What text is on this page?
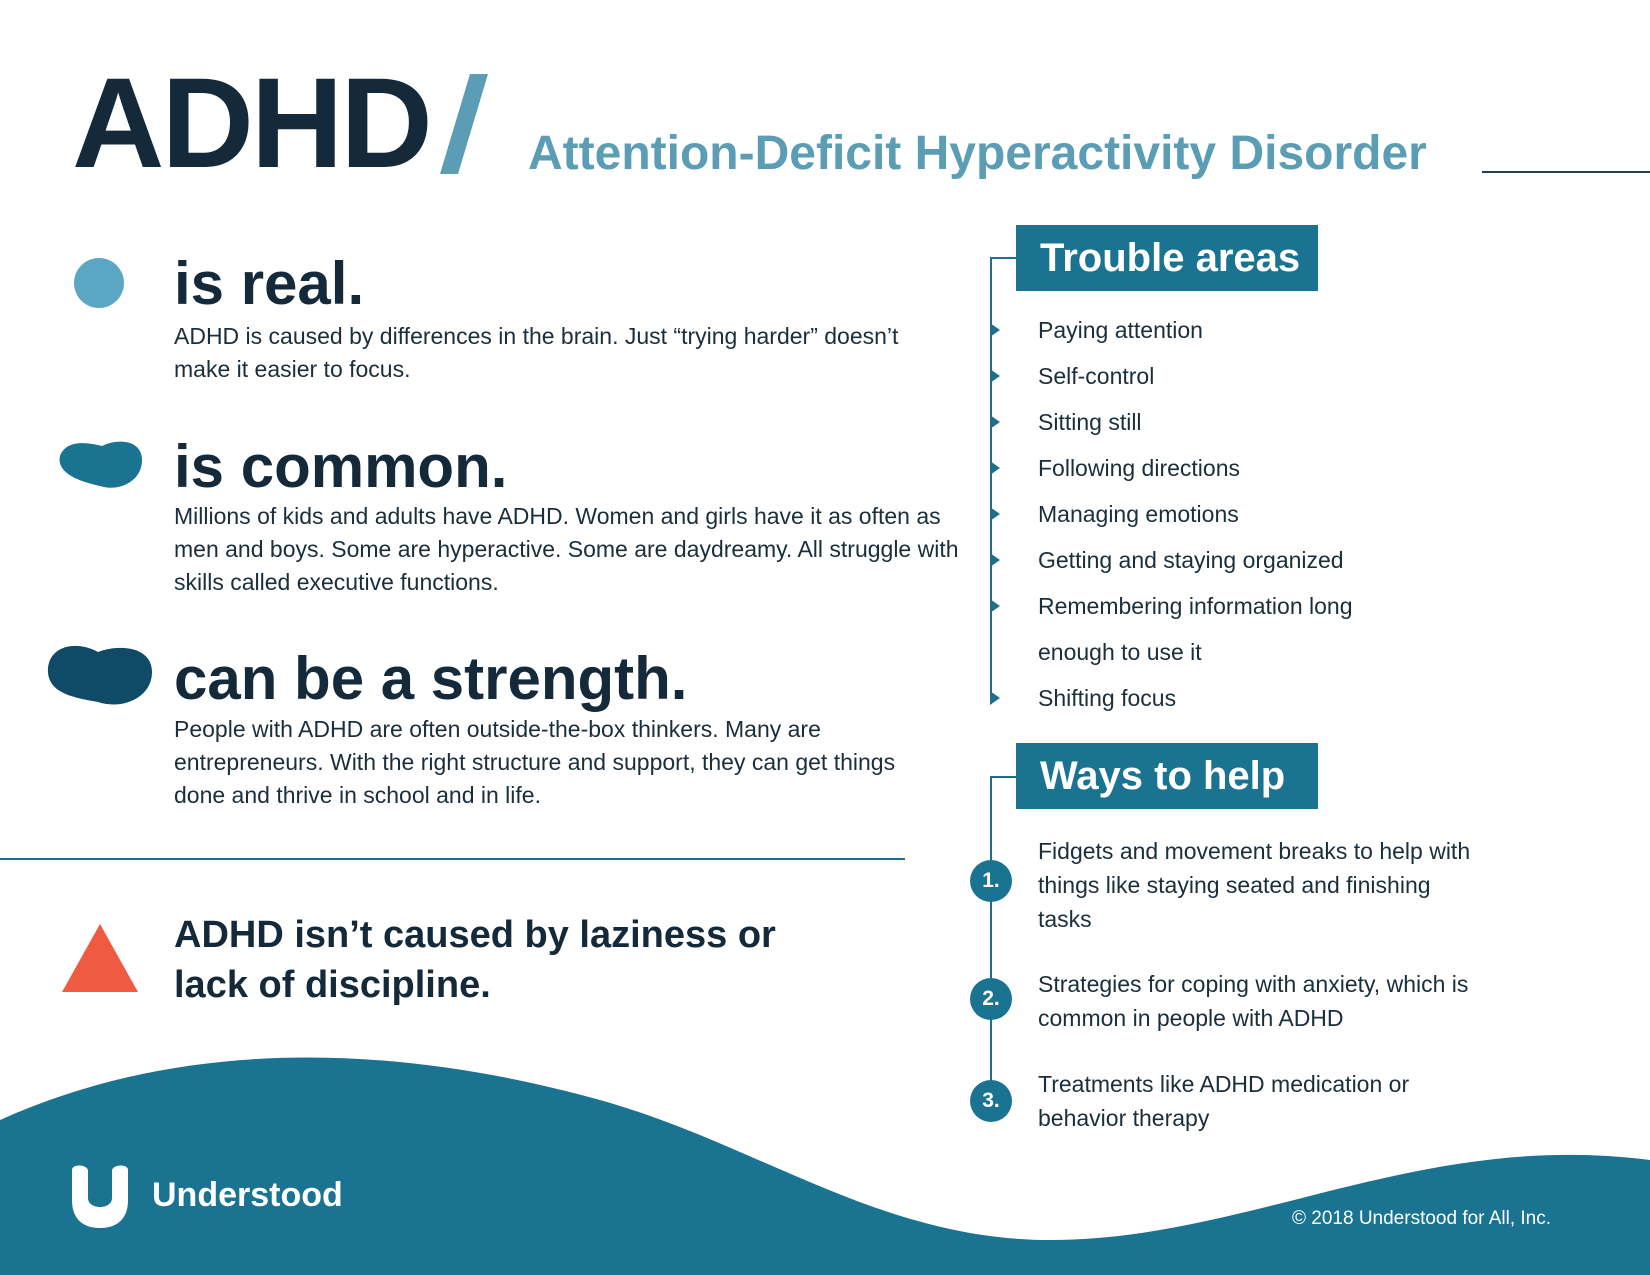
ADHD Attention-Deficit Hyperactivity Disorder
is real.
ADHD is caused by differences in the brain. Just “trying harder” doesn’t make it easier to focus.
is common.
Millions of kids and adults have ADHD. Women and girls have it as often as men and boys. Some are hyperactive. Some are daydreamy. All struggle with skills called executive functions.
can be a strength.
People with ADHD are often outside-the-box thinkers. Many are entrepreneurs. With the right structure and support, they can get things done and thrive in school and in life.
ADHD isn’t caused by laziness or lack of discipline.
Trouble areas
Paying attention
Self-control
Sitting still
Following directions
Managing emotions
Getting and staying organized
Remembering information long
enough to use it
Shifting focus
Ways to help
1.
Fidgets and movement breaks to help with things like staying seated and finishing tasks
2.
Strategies for coping with anxiety, which is common in people with ADHD
3.
Treatments like ADHD medication or behavior therapy
Understood
© 2018 Understood for All, Inc.
